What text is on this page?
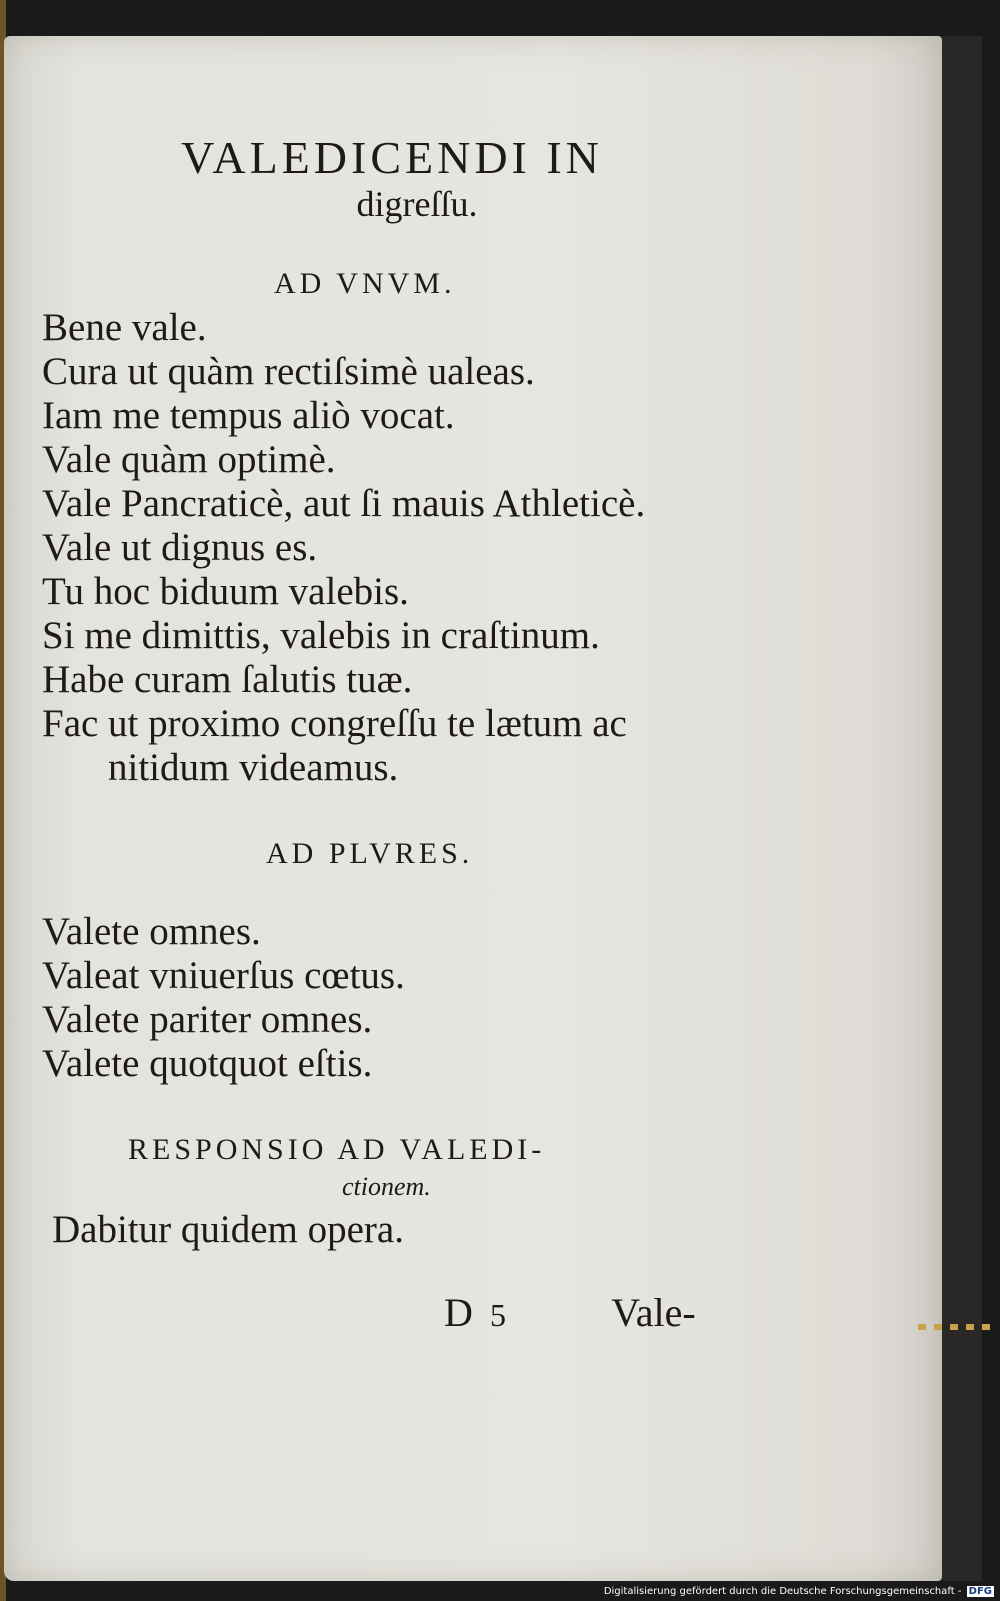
VALEDICENDI IN
digreſſu.
AD VNVM.
Bene vale.
Cura ut quàm rectiſsimè ualeas.
Iam me tempus aliò vocat.
Vale quàm optimè.
Vale Pancraticè, aut ſi mauis Athleticè.
Vale ut dignus es.
Tu hoc biduum valebis.
Si me dimittis, valebis in craſtinum.
Habe curam ſalutis tuæ.
Fac ut proximo congreſſu te lætum ac
nitidum videamus.
AD PLVRES.
Valete omnes.
Valeat vniuerſus cœtus.
Valete pariter omnes.
Valete quotquot eſtis.
RESPONSIO AD VALEDI-
ctionem.
Dabitur quidem opera.
D 5	Vale-
Digitalisierung gefördert durch die Deutsche Forschungsgemeinschaft - DFG
